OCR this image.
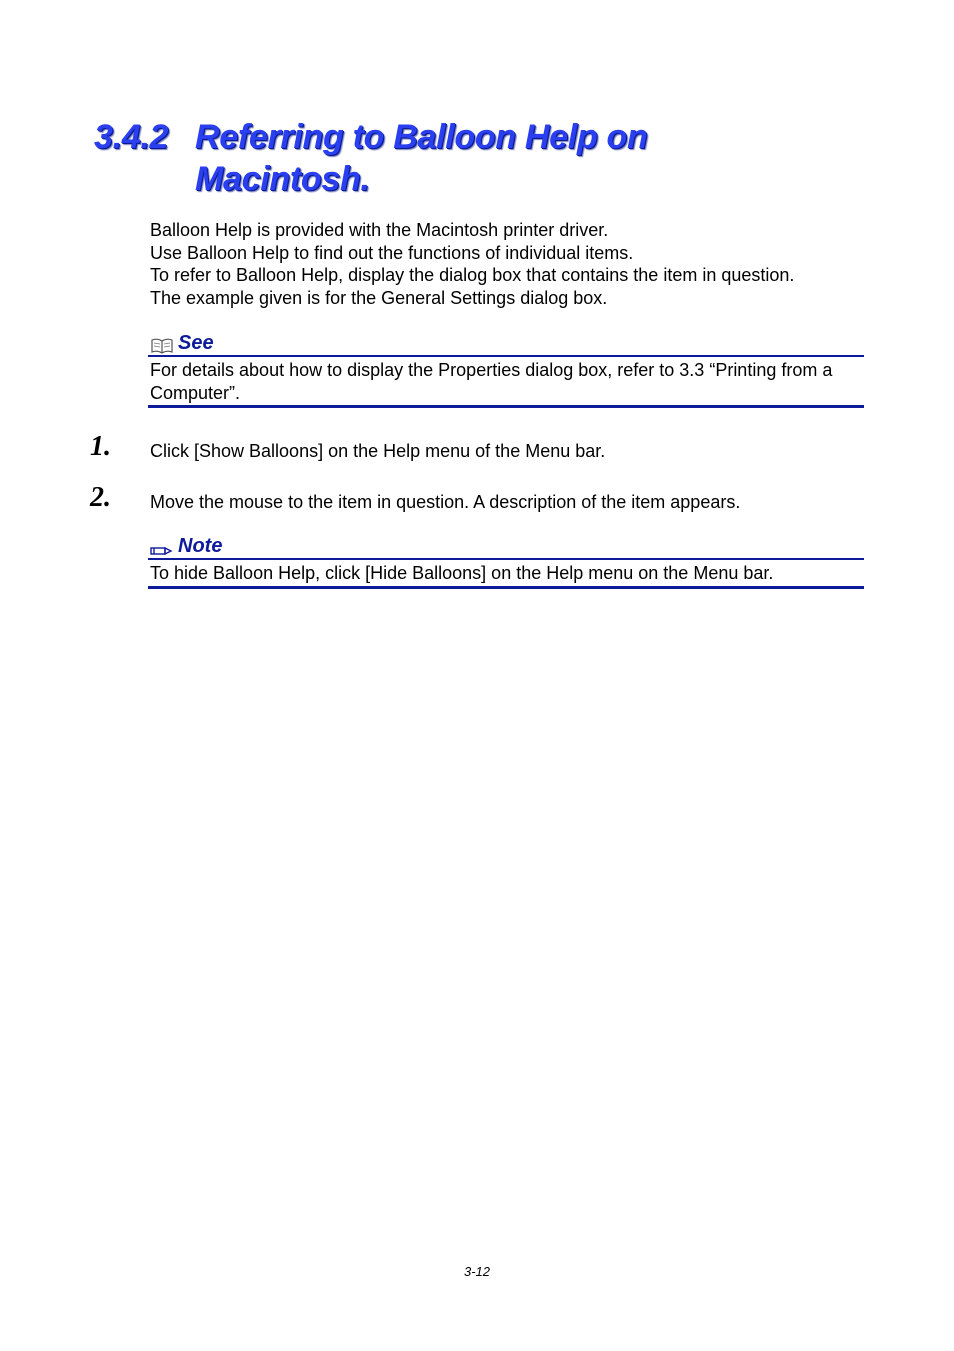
3.4.2 Referring to Balloon Help on
Macintosh.

Balloon Help is provided with the Macintosh printer driver.

Use Balloon Help to find out the functions of individual items.

To refer to Balloon Help, display the dialog box that contains the item in question.

The example given is for the General Settings dialog box.

See
For details about how to display the Properties dialog box, refer to 3.3 “Printing from a Computer”.
1. Click [Show Balloons] on the Help menu of the Menu bar.
2. Move the mouse to the item in question. A description of the item appears.
Note
To hide Balloon Help, click [Hide Balloons] on the Help menu on the Menu bar.
3-12
